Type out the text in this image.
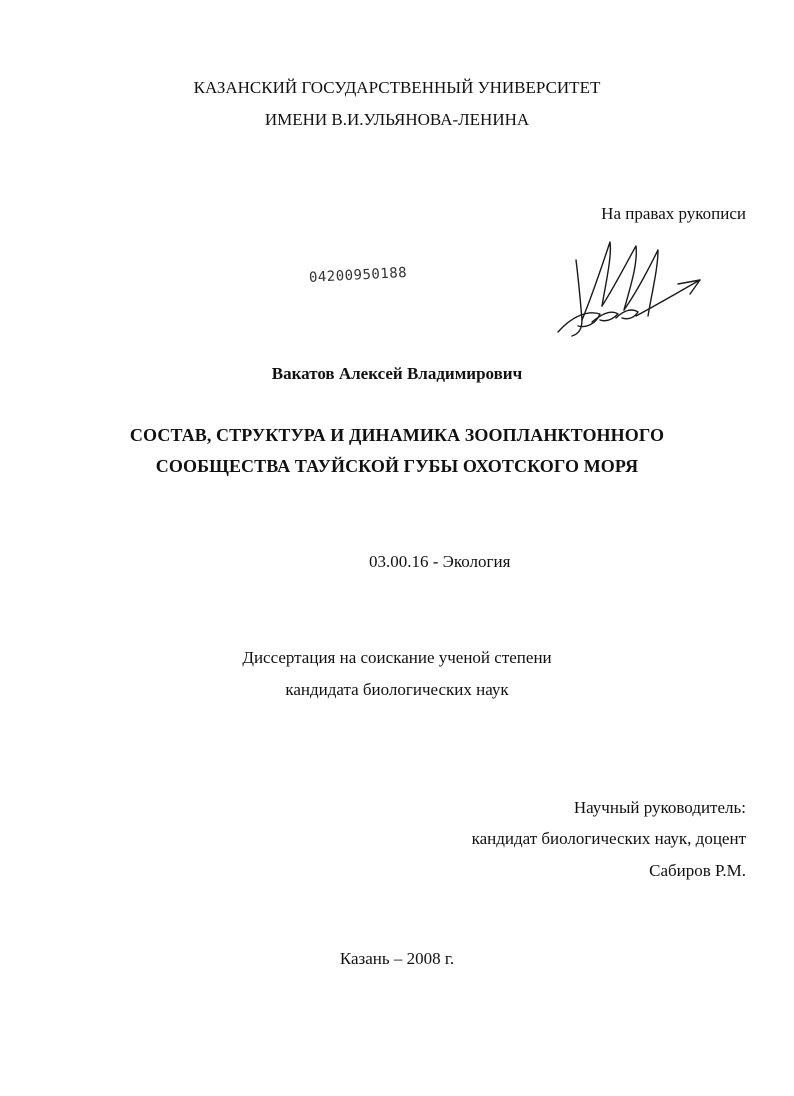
КАЗАНСКИЙ ГОСУДАРСТВЕННЫЙ УНИВЕРСИТЕТ
ИМЕНИ В.И.УЛЬЯНОВА-ЛЕНИНА
На правах рукописи
04200950188
Вакатов Алексей Владимирович
СОСТАВ, СТРУКТУРА И ДИНАМИКА ЗООПЛАНКТОННОГО
СООБЩЕСТВА ТАУЙСКОЙ ГУБЫ ОХОТСКОГО МОРЯ
03.00.16 - Экология
Диссертация на соискание ученой степени
кандидата биологических наук
Научный руководитель:
кандидат биологических наук, доцент
Сабиров Р.М.
Казань – 2008 г.
